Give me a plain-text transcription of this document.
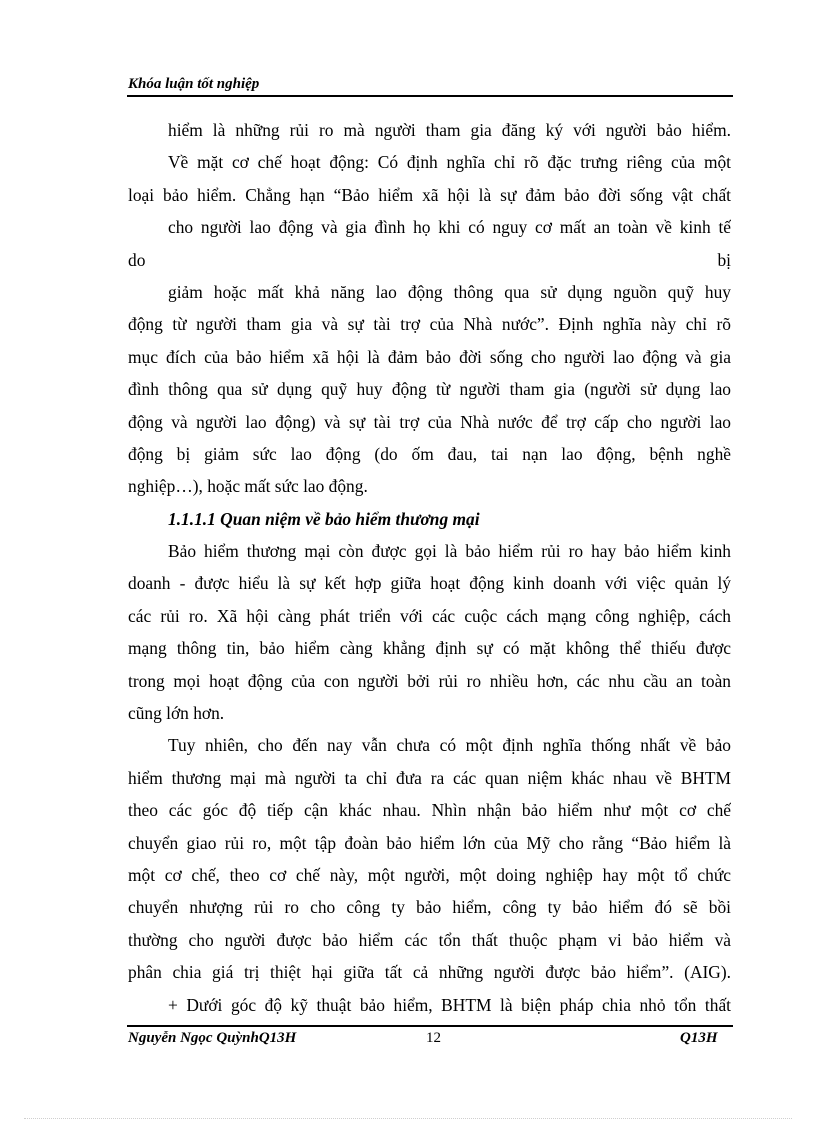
Khóa luận tốt nghiệp
hiểm là những rủi ro mà người tham gia đăng ký với người bảo hiểm.
Về mặt cơ chế hoạt động: Có định nghĩa chỉ rõ đặc trưng riêng của một
loại bảo hiểm. Chẳng hạn “Bảo hiểm xã hội là sự đảm bảo đời sống vật chất
cho người lao động và gia đình họ khi có nguy cơ mất an toàn về kinh tế
do	bị
giảm hoặc mất khả năng lao động thông qua sử dụng nguồn quỹ huy
động từ người tham gia và sự tài trợ của Nhà nước”. Định nghĩa này chỉ rõ
mục đích của bảo hiểm xã hội là đảm bảo đời sống cho người lao động và gia
đình thông qua sử dụng quỹ huy động từ người tham gia (người sử dụng lao
động và người lao động) và sự tài trợ của Nhà nước để trợ cấp cho người lao
động bị giảm sức lao động (do ốm đau, tai nạn lao động, bệnh nghề
nghiệp…), hoặc mất sức lao động.
1.1.1.1 Quan niệm về bảo hiểm thương mại
Bảo hiểm thương mại còn được gọi là bảo hiểm rủi ro hay bảo hiểm kinh
doanh - được hiểu là sự kết hợp giữa hoạt động kinh doanh với việc quản lý
các rủi ro. Xã hội càng phát triển với các cuộc cách mạng công nghiệp, cách
mạng thông tin, bảo hiểm càng khẳng định sự có mặt không thể thiếu được
trong mọi hoạt động của con người bởi rủi ro nhiều hơn, các nhu cầu an toàn
cũng lớn hơn.
Tuy nhiên, cho đến nay vẫn chưa có một định nghĩa thống nhất về bảo
hiểm thương mại mà người ta chỉ đưa ra các quan niệm khác nhau về BHTM
theo các góc độ tiếp cận khác nhau. Nhìn nhận bảo hiểm như một cơ chế
chuyển giao rủi ro, một tập đoàn bảo hiểm lớn của Mỹ cho rằng “Bảo hiểm là
một cơ chế, theo cơ chế này, một người, một doing nghiệp hay một tổ chức
chuyển nhượng rủi ro cho công ty bảo hiểm, công ty bảo hiểm đó sẽ bồi
thường cho người được bảo hiểm các tổn thất thuộc phạm vi bảo hiểm và
phân chia giá trị thiệt hại giữa tất cả những người được bảo hiểm”. (AIG).
+ Dưới góc độ kỹ thuật bảo hiểm, BHTM là biện pháp chia nhỏ tổn thất
Nguyễn Ngọc QuỳnhQ13H	12	Q13H
